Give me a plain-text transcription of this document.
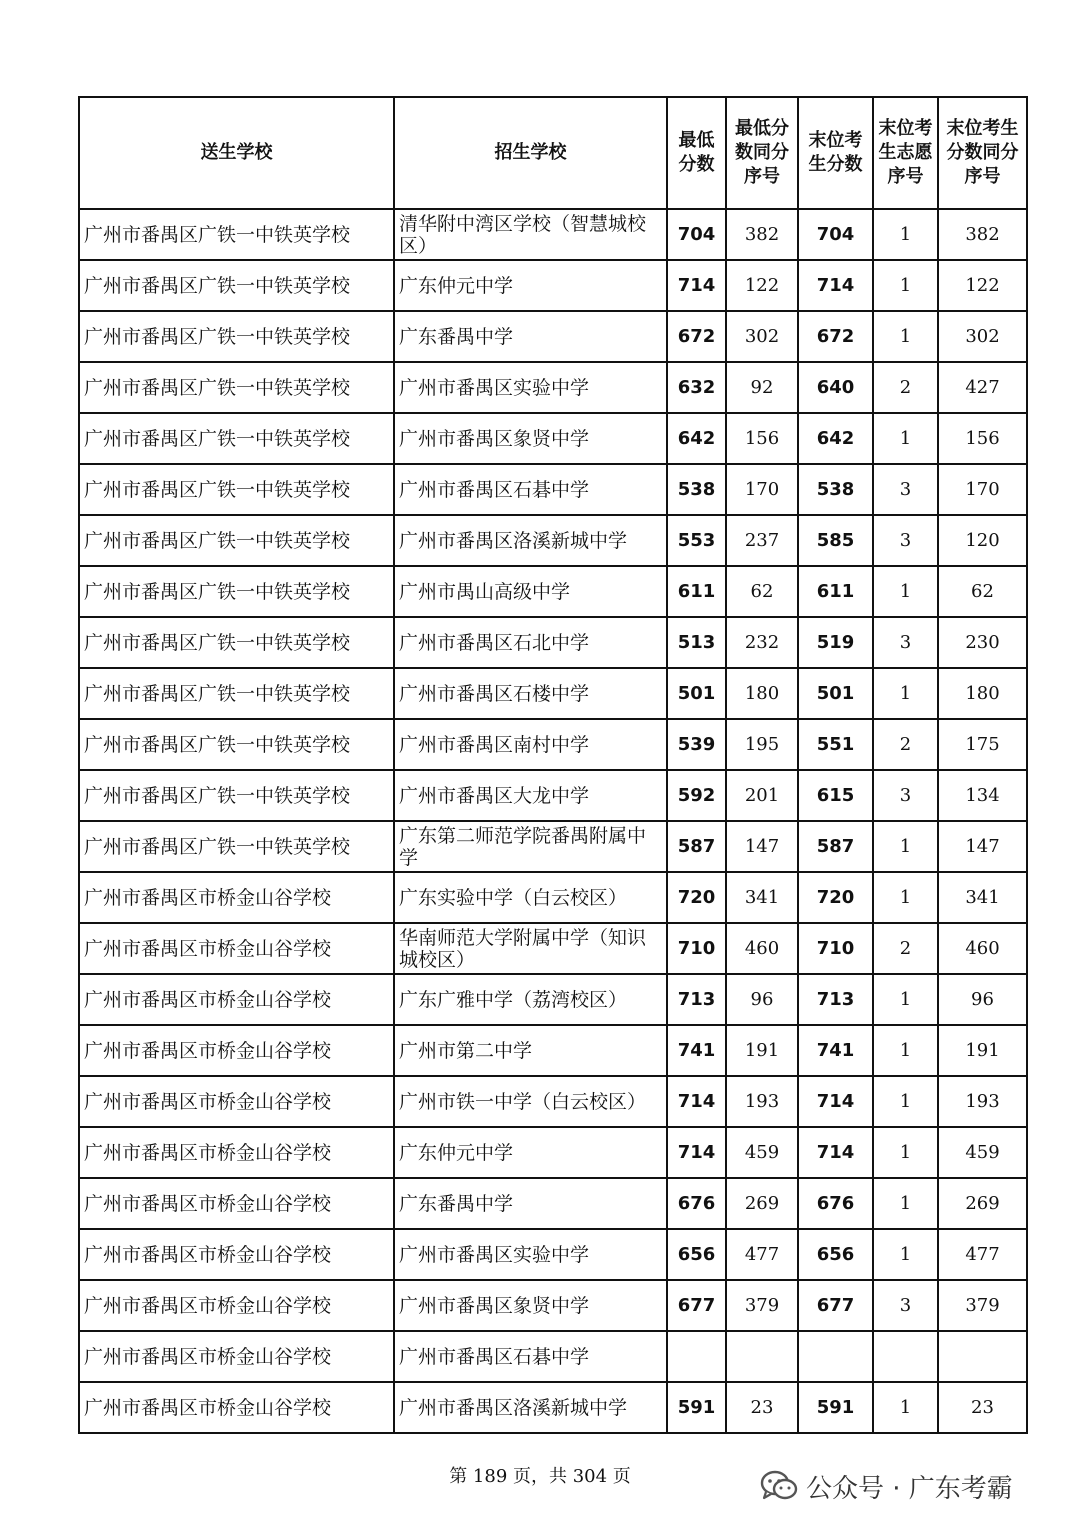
送生学校	招生学校	最低分数	最低分数同分序号	末位考生分数	末位考生志愿序号	末位考生分数同分序号
广州市番禺区广铁一中铁英学校	清华附中湾区学校（智慧城校区）	704	382	704	1	382
广州市番禺区广铁一中铁英学校	广东仲元中学	714	122	714	1	122
广州市番禺区广铁一中铁英学校	广东番禺中学	672	302	672	1	302
广州市番禺区广铁一中铁英学校	广州市番禺区实验中学	632	92	640	2	427
广州市番禺区广铁一中铁英学校	广州市番禺区象贤中学	642	156	642	1	156
广州市番禺区广铁一中铁英学校	广州市番禺区石碁中学	538	170	538	3	170
广州市番禺区广铁一中铁英学校	广州市番禺区洛溪新城中学	553	237	585	3	120
广州市番禺区广铁一中铁英学校	广州市禺山高级中学	611	62	611	1	62
广州市番禺区广铁一中铁英学校	广州市番禺区石北中学	513	232	519	3	230
广州市番禺区广铁一中铁英学校	广州市番禺区石楼中学	501	180	501	1	180
广州市番禺区广铁一中铁英学校	广州市番禺区南村中学	539	195	551	2	175
广州市番禺区广铁一中铁英学校	广州市番禺区大龙中学	592	201	615	3	134
广州市番禺区广铁一中铁英学校	广东第二师范学院番禺附属中学	587	147	587	1	147
广州市番禺区市桥金山谷学校	广东实验中学（白云校区）	720	341	720	1	341
广州市番禺区市桥金山谷学校	华南师范大学附属中学（知识城校区）	710	460	710	2	460
广州市番禺区市桥金山谷学校	广东广雅中学（荔湾校区）	713	96	713	1	96
广州市番禺区市桥金山谷学校	广州市第二中学	741	191	741	1	191
广州市番禺区市桥金山谷学校	广州市铁一中学（白云校区）	714	193	714	1	193
广州市番禺区市桥金山谷学校	广东仲元中学	714	459	714	1	459
广州市番禺区市桥金山谷学校	广东番禺中学	676	269	676	1	269
广州市番禺区市桥金山谷学校	广州市番禺区实验中学	656	477	656	1	477
广州市番禺区市桥金山谷学校	广州市番禺区象贤中学	677	379	677	3	379
广州市番禺区市桥金山谷学校	广州市番禺区石碁中学					
广州市番禺区市桥金山谷学校	广州市番禺区洛溪新城中学	591	23	591	1	23
第 189 页，共 304 页	公众号 · 广东考霸
